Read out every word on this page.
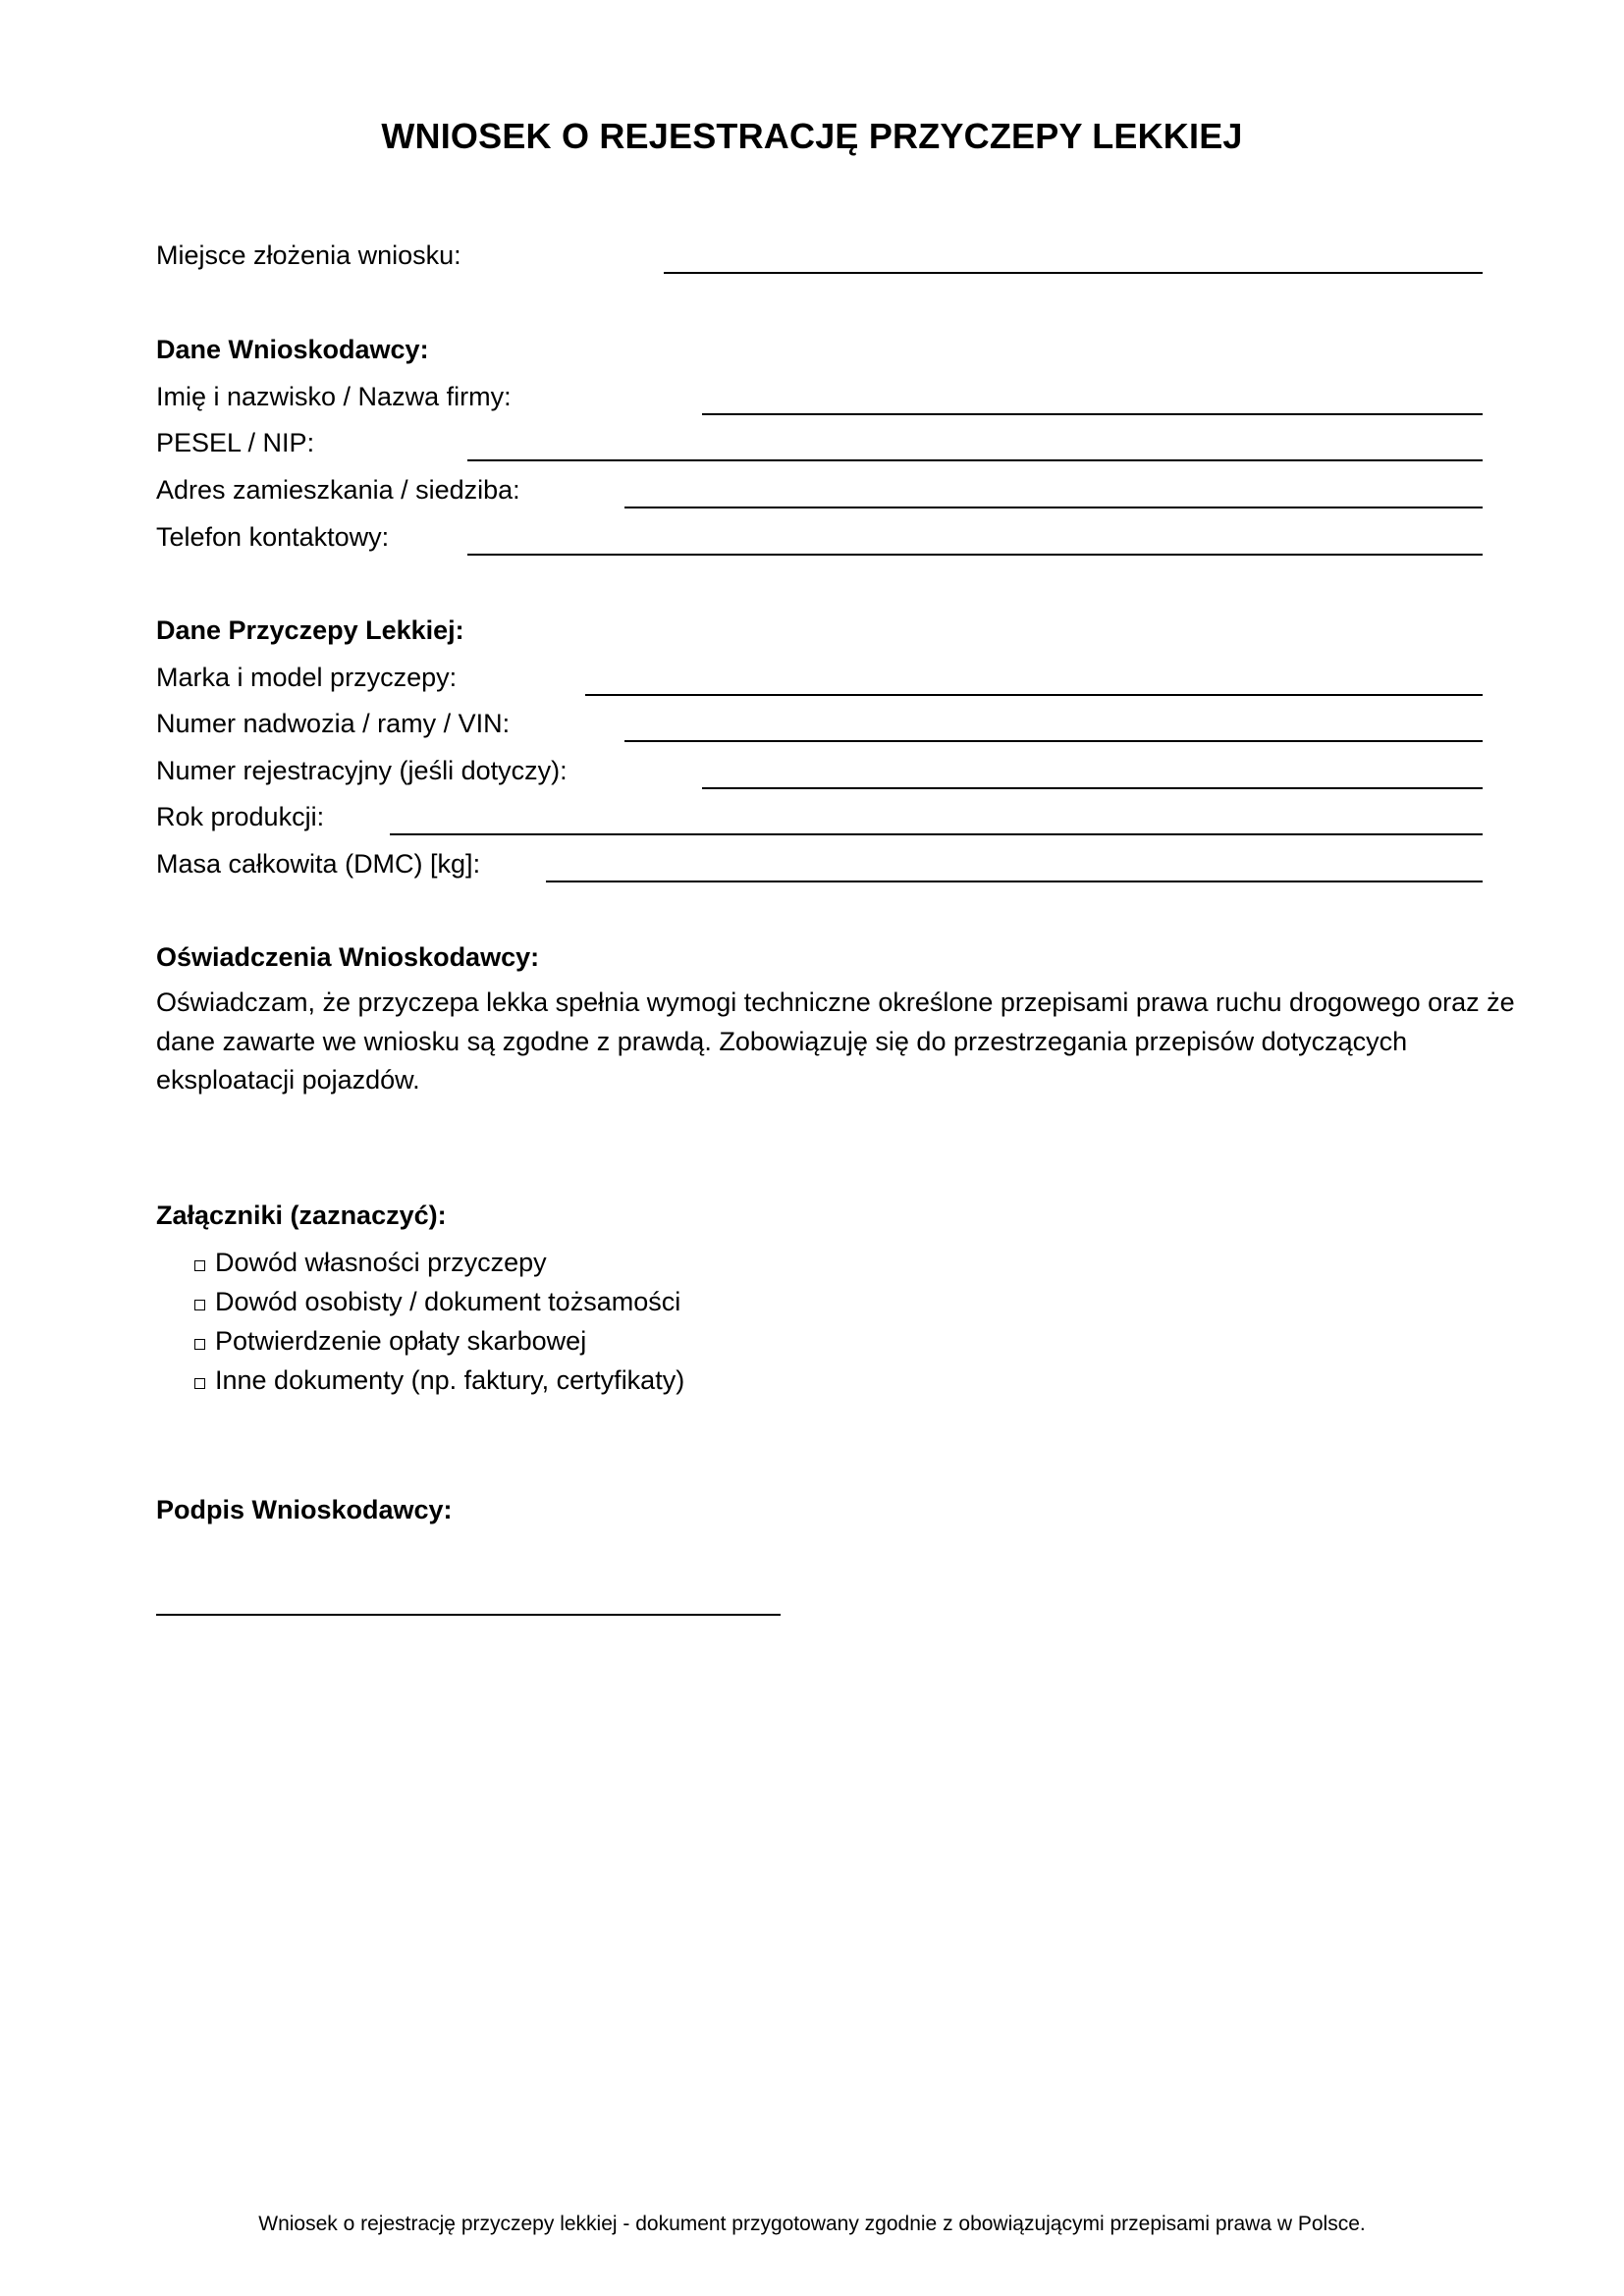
WNIOSEK O REJESTRACJĘ PRZYCZEPY LEKKIEJ
Miejsce złożenia wniosku:
Dane Wnioskodawcy:
Imię i nazwisko / Nazwa firmy:
PESEL / NIP:
Adres zamieszkania / siedziba:
Telefon kontaktowy:
Dane Przyczepy Lekkiej:
Marka i model przyczepy:
Numer nadwozia / ramy / VIN:
Numer rejestracyjny (jeśli dotyczy):
Rok produkcji:
Masa całkowita (DMC) [kg]:
Oświadczenia Wnioskodawcy:
Oświadczam, że przyczepa lekka spełnia wymogi techniczne określone przepisami prawa ruchu drogowego oraz że dane zawarte we wniosku są zgodne z prawdą. Zobowiązuję się do przestrzegania przepisów dotyczących eksploatacji pojazdów.
Załączniki (zaznaczyć):
Dowód własności przyczepy
Dowód osobisty / dokument tożsamości
Potwierdzenie opłaty skarbowej
Inne dokumenty (np. faktury, certyfikaty)
Podpis Wnioskodawcy:
Wniosek o rejestrację przyczepy lekkiej - dokument przygotowany zgodnie z obowiązującymi przepisami prawa w Polsce.
